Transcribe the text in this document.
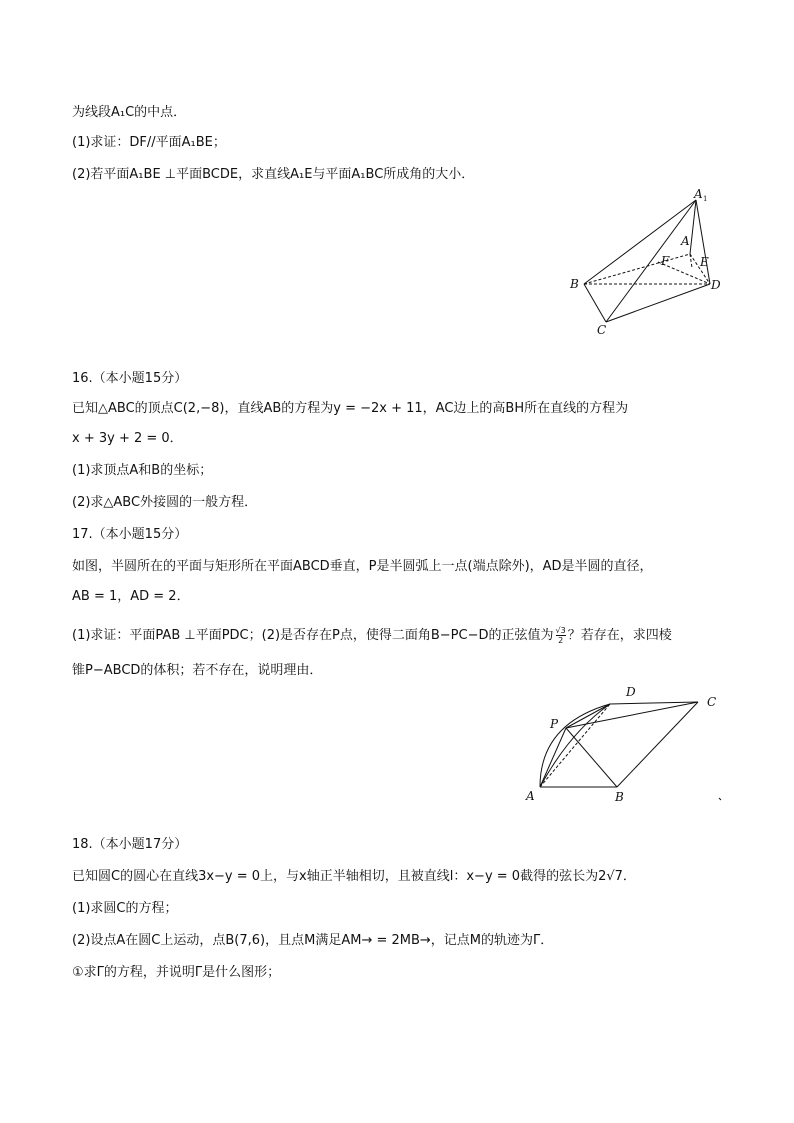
为线段A₁C的中点．
(1)求证：DF//平面A₁BE；
(2)若平面A₁BE ⊥平面BCDE，求直线A₁E与平面A₁BC所成角的大小．
A 1
A
F	E
B	D
C
16.（本小题15分）
已知△ABC的顶点C(2,−8)，直线AB的方程为y = −2x + 11，AC边上的高BH所在直线的方程为
x + 3y + 2 = 0．
(1)求顶点A和B的坐标；
(2)求△ABC外接圆的一般方程．
17.（本小题15分）
如图，半圆所在的平面与矩形所在平面ABCD垂直，P是半圆弧上一点(端点除外)，AD是半圆的直径，
AB = 1，AD = 2．
(1)求证：平面PAB ⊥平面PDC；(2)是否存在P点，使得二面角B−PC−D的正弦值为 $\frac{√3}{2}$ ？若存在，求四棱
锥P−ABCD的体积；若不存在，说明理由．
D
C
P
A	B
18.（本小题17分）
已知圆C的圆心在直线3x−y = 0上，与x轴正半轴相切，且被直线l：x−y = 0截得的弦长为2√7．
(1)求圆C的方程；
(2)设点A在圆C上运动，点B(7,6)，且点M满足AM→ = 2MB→，记点M的轨迹为Γ．
①求Γ的方程，并说明Γ是什么图形；
